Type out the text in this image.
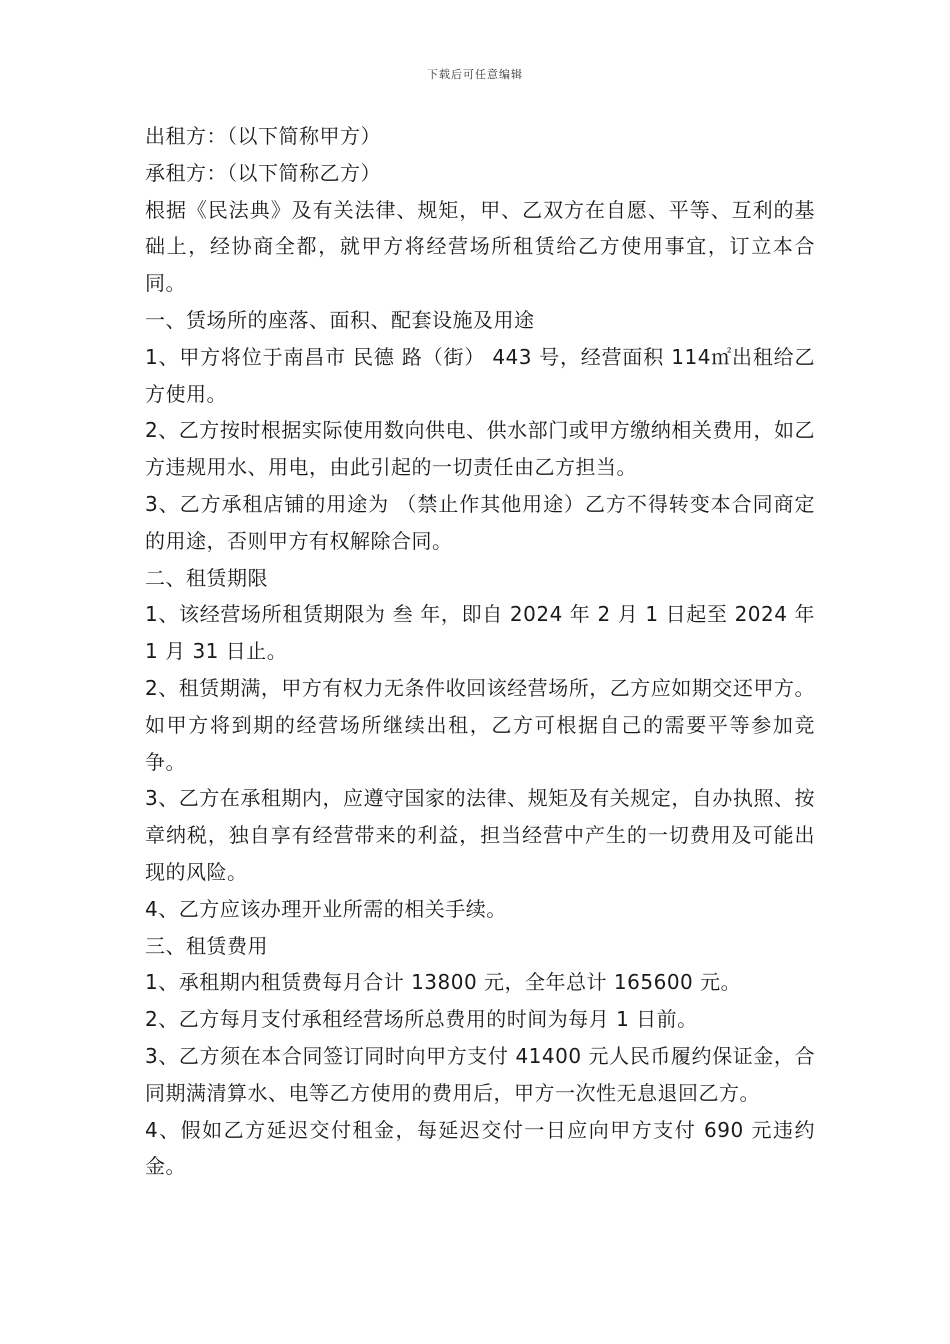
下载后可任意编辑

出租方：（以下简称甲方）

承租方：（以下简称乙方）

根据《民法典》及有关法律、规矩，甲、乙双方在自愿、平等、互利的基础上，经协商全都，就甲方将经营场所租赁给乙方使用事宜，订立本合同。

一、赁场所的座落、面积、配套设施及用途

1、甲方将位于南昌市 民德 路（街） 443 号，经营面积 114㎡出租给乙方使用。

2、乙方按时根据实际使用数向供电、供水部门或甲方缴纳相关费用，如乙方违规用水、用电，由此引起的一切责任由乙方担当。

3、乙方承租店铺的用途为 （禁止作其他用途）乙方不得转变本合同商定的用途，否则甲方有权解除合同。

二、租赁期限

1、该经营场所租赁期限为 叁 年，即自 2024 年 2 月 1 日起至 2024 年 1 月 31 日止。

2、租赁期满，甲方有权力无条件收回该经营场所，乙方应如期交还甲方。如甲方将到期的经营场所继续出租，乙方可根据自己的需要平等参加竞争。

3、乙方在承租期内，应遵守国家的法律、规矩及有关规定，自办执照、按章纳税，独自享有经营带来的利益，担当经营中产生的一切费用及可能出现的风险。

4、乙方应该办理开业所需的相关手续。

三、租赁费用

1、承租期内租赁费每月合计 13800 元，全年总计 165600 元。

2、乙方每月支付承租经营场所总费用的时间为每月 1 日前。

3、乙方须在本合同签订同时向甲方支付 41400 元人民币履约保证金，合同期满清算水、电等乙方使用的费用后，甲方一次性无息退回乙方。

4、假如乙方延迟交付租金，每延迟交付一日应向甲方支付 690 元违约金。
